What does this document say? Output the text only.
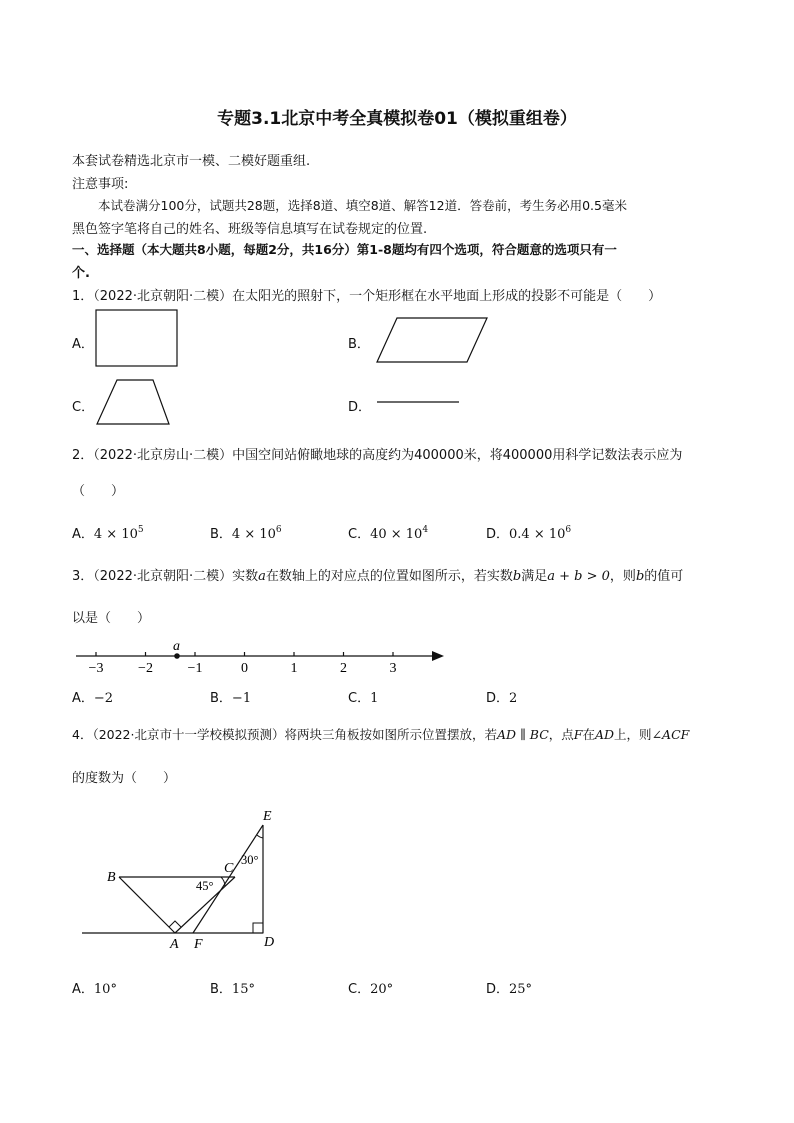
专题3.1北京中考全真模拟卷01（模拟重组卷）
本套试卷精选北京市一模、二模好题重组.
注意事项:
本试卷满分100分，试题共28题，选择8道、填空8道、解答12道．答卷前，考生务必用0.5毫米
黑色签字笔将自己的姓名、班级等信息填写在试卷规定的位置.
一、选择题（本大题共8小题，每题2分，共16分）第1-8题均有四个选项，符合题意的选项只有一
个.
1．（2022·北京朝阳·二模）在太阳光的照射下，一个矩形框在水平地面上形成的投影不可能是（　　）
A．	B．
C．	D．
2．（2022·北京房山·二模）中国空间站俯瞰地球的高度约为400000米，将400000用科学记数法表示应为
（　　）
A．$4 \times 10^5$	B．$4 \times 10^6$	C．$40 \times 10^4$	D．$0.4 \times 10^6$
3．（2022·北京朝阳·二模）实数a在数轴上的对应点的位置如图所示，若实数b满足a + b > 0，则b的值可
以是（　　）
−3 −2 −1	0	1	2	3
a
A．−2	B．−1	C．1	D．2
4．（2022·北京市十一学校模拟预测）将两块三角板按如图所示位置摆放，若AD ∥ BC，点F在AD上，则∠ACF
的度数为（　　）
B
A F
C
D
E
45°
30°
A．10°	B．15°	C．20°	D．25°
